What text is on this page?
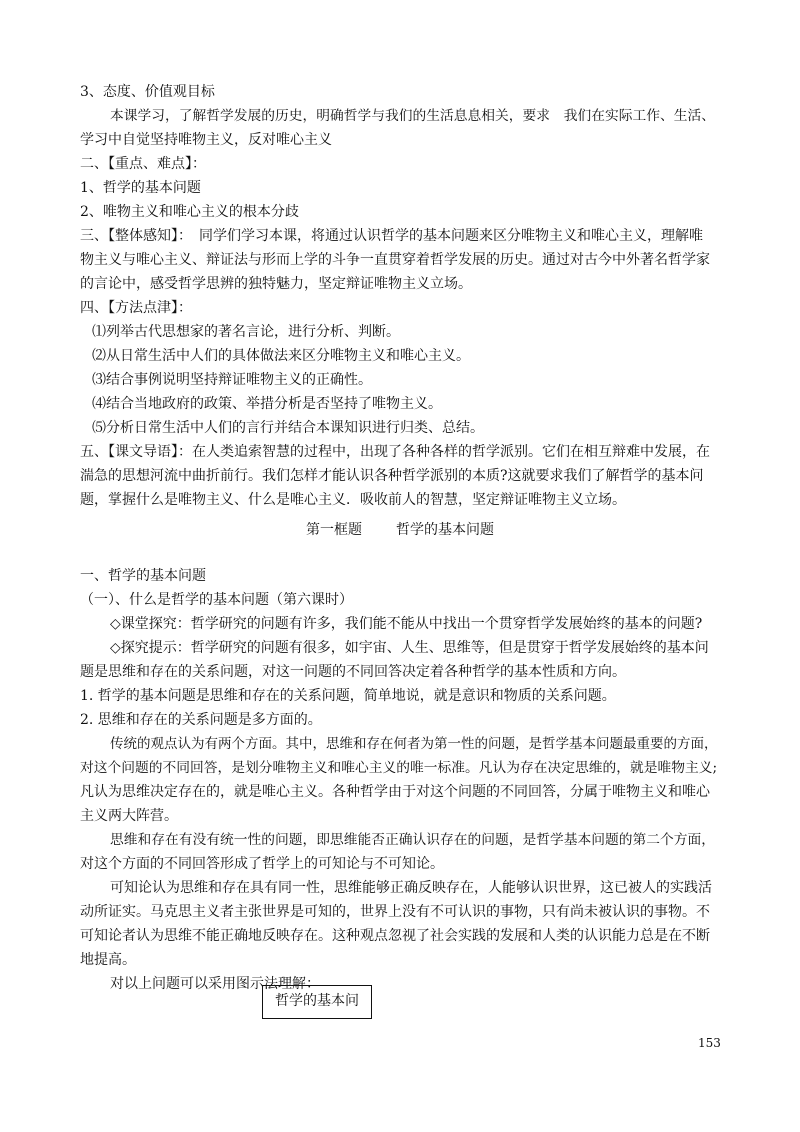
3、态度、价值观目标
本课学习，了解哲学发展的历史，明确哲学与我们的生活息息相关，要求　我们在实际工作、生活、
学习中自觉坚持唯物主义，反对唯心主义
二、【重点、难点】：
1、哲学的基本问题
2、唯物主义和唯心主义的根本分歧
三、【整体感知】：　同学们学习本课，将通过认识哲学的基本问题来区分唯物主义和唯心主义，理解唯
物主义与唯心主义、辩证法与形而上学的斗争一直贯穿着哲学发展的历史。通过对古今中外著名哲学家
的言论中，感受哲学思辨的独特魅力，坚定辩证唯物主义立场。
四、【方法点津】：
⑴列举古代思想家的著名言论，进行分析、判断。
⑵从日常生活中人们的具体做法来区分唯物主义和唯心主义。
⑶结合事例说明坚持辩证唯物主义的正确性。
⑷结合当地政府的政策、举措分析是否坚持了唯物主义。
⑸分析日常生活中人们的言行并结合本课知识进行归类、总结。
五、【课文导语】：在人类追索智慧的过程中，出现了各种各样的哲学派别。它们在相互辩难中发展，在
湍急的思想河流中曲折前行。我们怎样才能认识各种哲学派别的本质?这就要求我们了解哲学的基本问
题，掌握什么是唯物主义、什么是唯心主义．吸收前人的智慧，坚定辩证唯物主义立场。
第一框题 哲学的基本问题
一、哲学的基本问题
（一）、什么是哲学的基本问题（第六课时）
◇课堂探究：哲学研究的问题有许多，我们能不能从中找出一个贯穿哲学发展始终的基本的问题?
◇探究提示：哲学研究的问题有很多，如宇宙、人生、思维等，但是贯穿于哲学发展始终的基本问
题是思维和存在的关系问题，对这一问题的不同回答决定着各种哲学的基本性质和方向。
1. 哲学的基本问题是思维和存在的关系问题，简单地说，就是意识和物质的关系问题。
2. 思维和存在的关系问题是多方面的。
传统的观点认为有两个方面。其中，思维和存在何者为第一性的问题，是哲学基本问题最重要的方面，
对这个问题的不同回答，是划分唯物主义和唯心主义的唯一标准。凡认为存在决定思维的，就是唯物主义;
凡认为思维决定存在的，就是唯心主义。各种哲学由于对这个问题的不同回答，分属于唯物主义和唯心
主义两大阵营。
思维和存在有没有统一性的问题，即思维能否正确认识存在的问题，是哲学基本问题的第二个方面，
对这个方面的不同回答形成了哲学上的可知论与不可知论。
可知论认为思维和存在具有同一性，思维能够正确反映存在，人能够认识世界，这已被人的实践活
动所证实。马克思主义者主张世界是可知的，世界上没有不可认识的事物，只有尚未被认识的事物。不
可知论者认为思维不能正确地反映存在。这种观点忽视了社会实践的发展和人类的认识能力总是在不断
地提高。
对以上问题可以采用图示法理解：
哲学的基本问
153
